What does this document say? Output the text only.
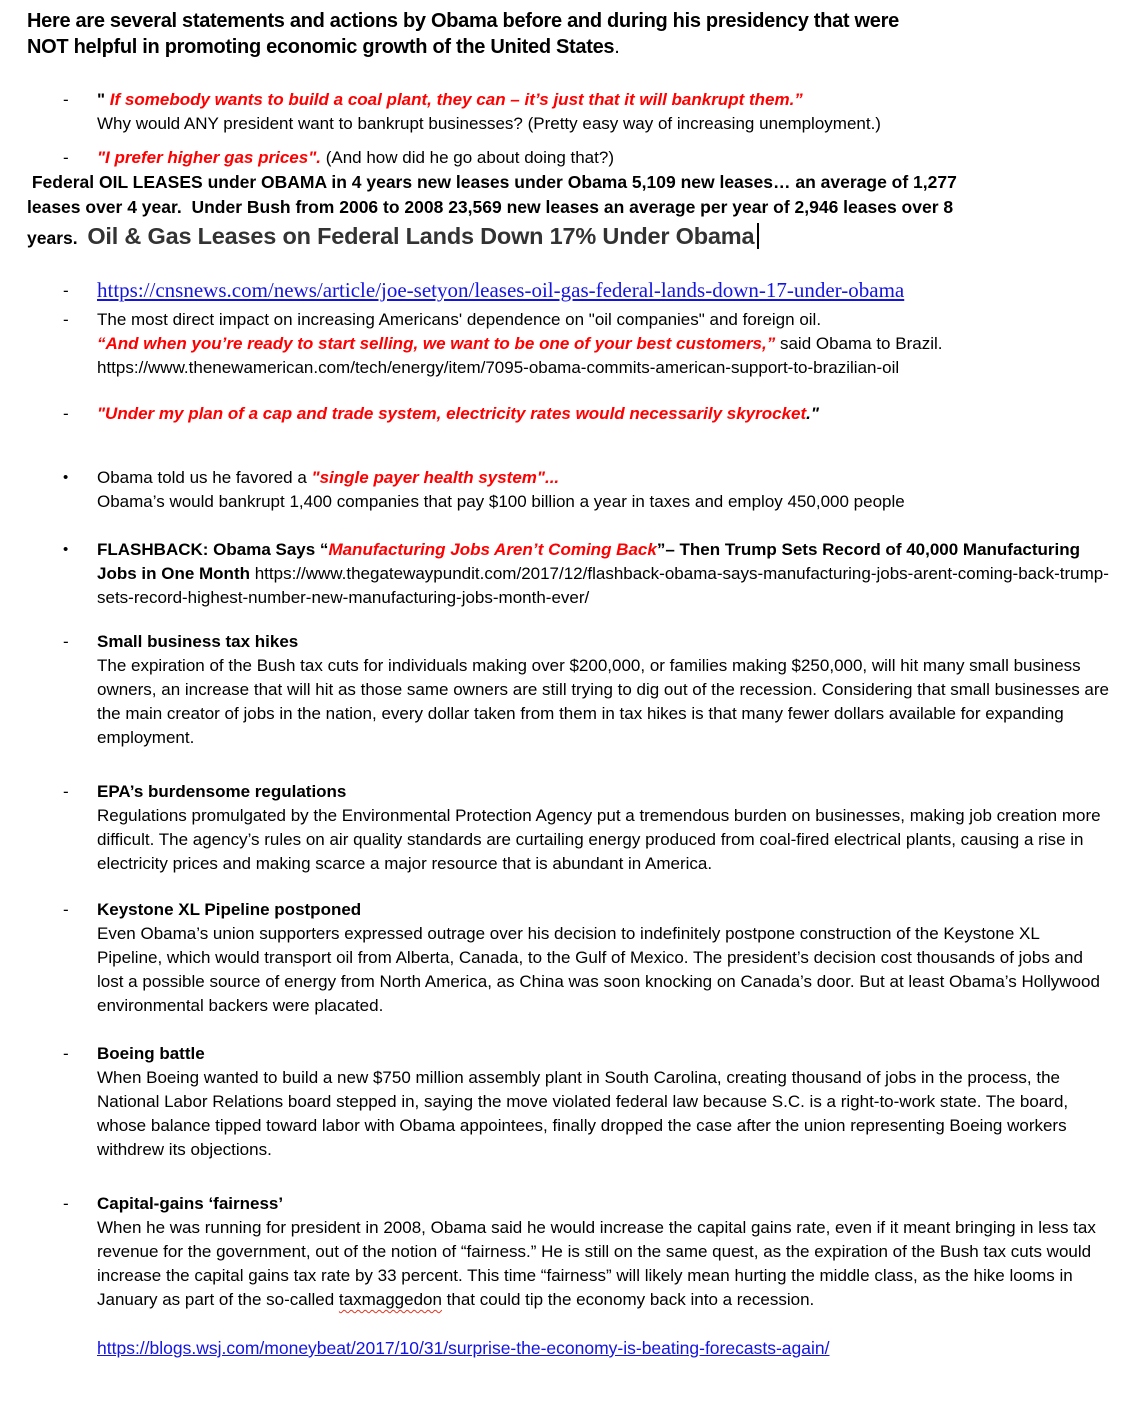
Here are several statements and actions by Obama before and during his presidency that were
NOT helpful in promoting economic growth of the United States.
-	" If somebody wants to build a coal plant, they can – it’s just that it will bankrupt them.”
Why would ANY president want to bankrupt businesses? (Pretty easy way of increasing unemployment.)
-	"I prefer higher gas prices". (And how did he go about doing that?)
Federal OIL LEASES under OBAMA in 4 years new leases under Obama 5,109 new leases… an average of 1,277
leases over 4 year.  Under Bush from 2006 to 2008 23,569 new leases an average per year of 2,946 leases over 8
years.  Oil & Gas Leases on Federal Lands Down 17% Under Obama
-	https://cnsnews.com/news/article/joe-setyon/leases-oil-gas-federal-lands-down-17-under-obama
-	The most direct impact on increasing Americans' dependence on "oil companies" and foreign oil.
“And when you’re ready to start selling, we want to be one of your best customers,” said Obama to Brazil.
https://www.thenewamerican.com/tech/energy/item/7095-obama-commits-american-support-to-brazilian-oil
-	"Under my plan of a cap and trade system, electricity rates would necessarily skyrocket."
•	Obama told us he favored a "single payer health system"...
Obama’s would bankrupt 1,400 companies that pay $100 billion a year in taxes and employ 450,000 people
•	FLASHBACK: Obama Says “Manufacturing Jobs Aren’t Coming Back”– Then Trump Sets Record of 40,000 Manufacturing Jobs in One Month https://www.thegatewaypundit.com/2017/12/flashback-obama-says-manufacturing-jobs-arent-coming-back-trump-sets-record-highest-number-new-manufacturing-jobs-month-ever/
-	Small business tax hikes
The expiration of the Bush tax cuts for individuals making over $200,000, or families making $250,000, will hit many small business owners, an increase that will hit as those same owners are still trying to dig out of the recession. Considering that small businesses are the main creator of jobs in the nation, every dollar taken from them in tax hikes is that many fewer dollars available for expanding employment.
-	EPA’s burdensome regulations
Regulations promulgated by the Environmental Protection Agency put a tremendous burden on businesses, making job creation more difficult. The agency’s rules on air quality standards are curtailing energy produced from coal-fired electrical plants, causing a rise in electricity prices and making scarce a major resource that is abundant in America.
-	Keystone XL Pipeline postponed
Even Obama’s union supporters expressed outrage over his decision to indefinitely postpone construction of the Keystone XL Pipeline, which would transport oil from Alberta, Canada, to the Gulf of Mexico. The president’s decision cost thousands of jobs and lost a possible source of energy from North America, as China was soon knocking on Canada’s door. But at least Obama’s Hollywood environmental backers were placated.
-	Boeing battle
When Boeing wanted to build a new $750 million assembly plant in South Carolina, creating thousand of jobs in the process, the National Labor Relations board stepped in, saying the move violated federal law because S.C. is a right-to-work state. The board, whose balance tipped toward labor with Obama appointees, finally dropped the case after the union representing Boeing workers withdrew its objections.
-	Capital-gains ‘fairness’
When he was running for president in 2008, Obama said he would increase the capital gains rate, even if it meant bringing in less tax revenue for the government, out of the notion of “fairness.” He is still on the same quest, as the expiration of the Bush tax cuts would increase the capital gains tax rate by 33 percent. This time “fairness” will likely mean hurting the middle class, as the hike looms in January as part of the so-called taxmaggedon that could tip the economy back into a recession.
https://blogs.wsj.com/moneybeat/2017/10/31/surprise-the-economy-is-beating-forecasts-again/
